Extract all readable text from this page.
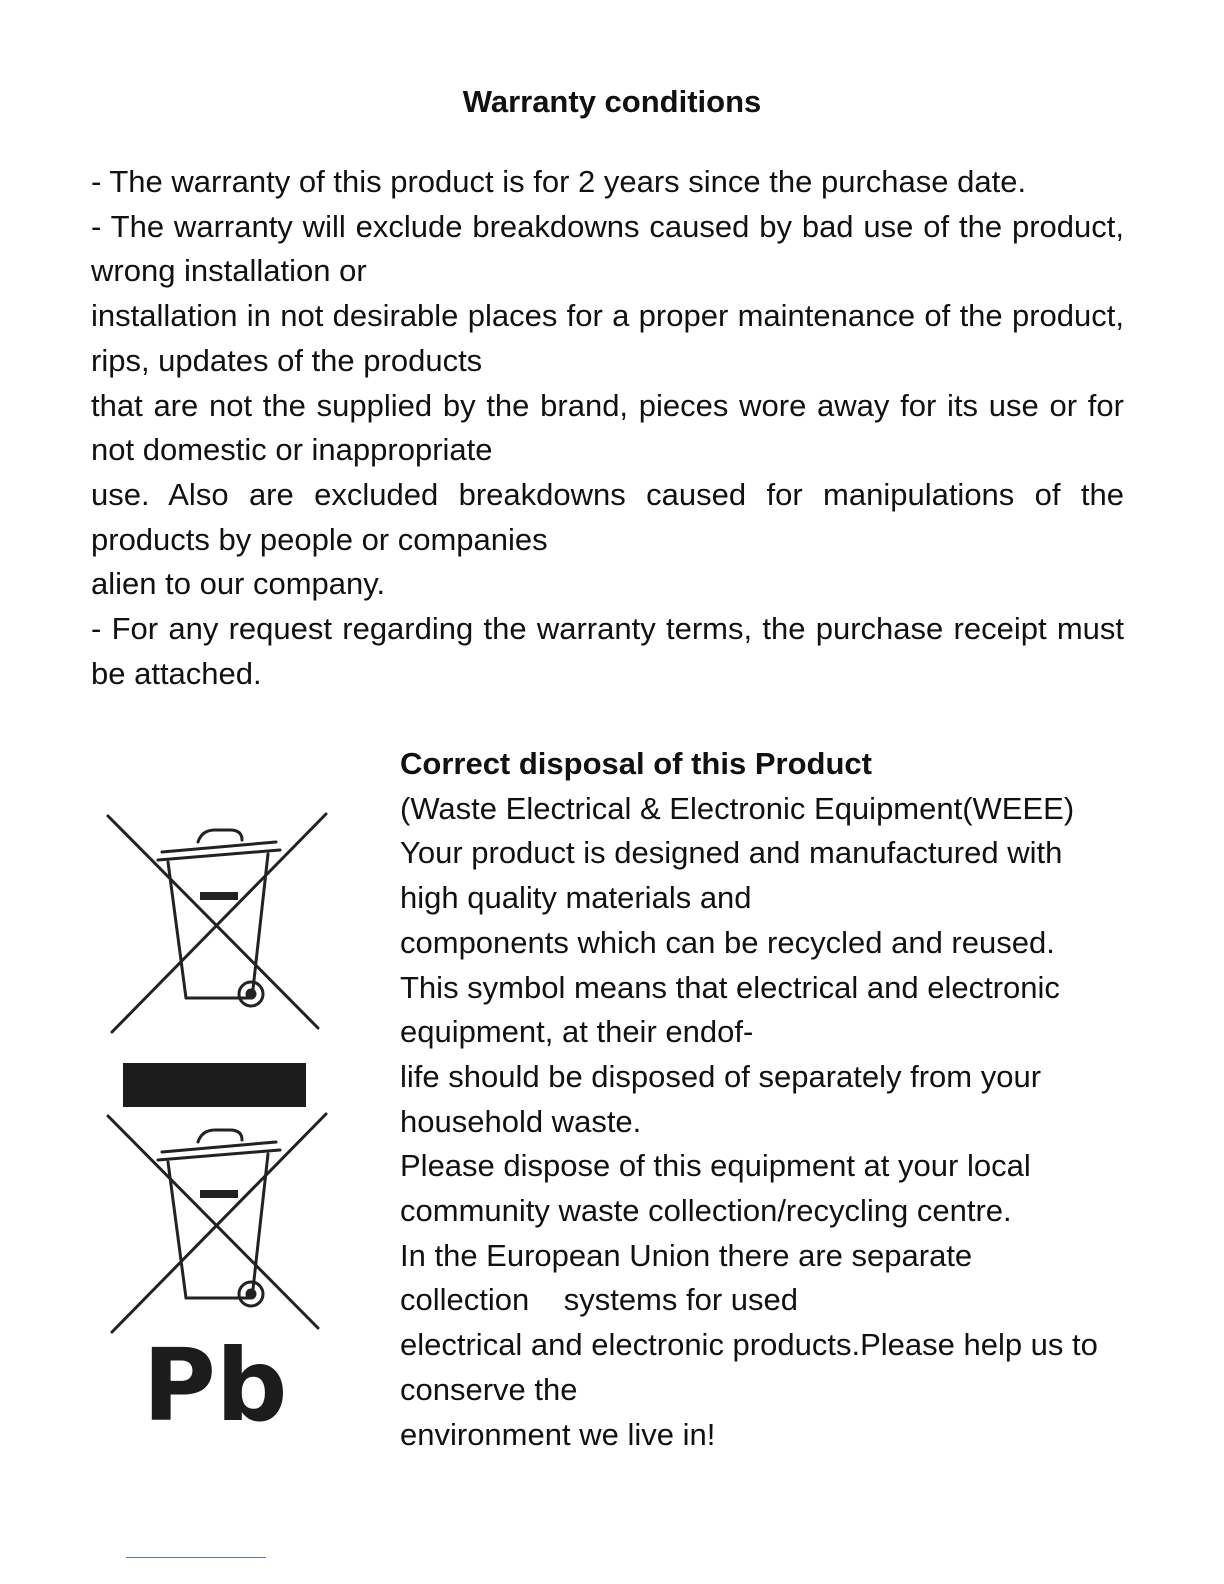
Warranty conditions

- The warranty of this product is for 2 years since the purchase date.

- The warranty will exclude breakdowns caused by bad use of the product, wrong installation or

installation in not desirable places for a proper maintenance of the product, rips, updates of the products

that are not the supplied by the brand, pieces wore away for its use or for not domestic or inappropriate

use. Also are excluded breakdowns caused for manipulations of the products by people or companies

alien to our company.

- For any request regarding the warranty terms, the purchase receipt must be attached.

Pb

Correct disposal of this Product

(Waste Electrical & Electronic Equipment(WEEE)

Your product is designed and manufactured with high quality materials and

components which can be recycled and reused.

This symbol means that electrical and electronic equipment, at their endof-

life should be disposed of separately from your household waste.

Please dispose of this equipment at your local community waste collection/recycling centre.

In the European Union there are separate

collection systems for used

electrical and electronic products.Please help us to conserve the

environment we live in!
